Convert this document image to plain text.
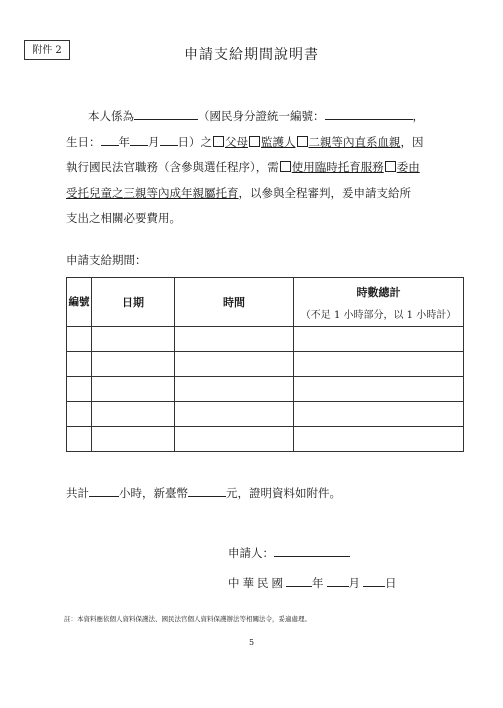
附件 2	申請支給期間說明書
本人係為	（國民身分證統一編號：	，
生日： 年 月 日）之 父母 監護人 二親等內直系血親，因
執行國民法官職務（含參與選任程序），需 使用臨時托育服務 委由
受托兒童之三親等內成年親屬托育，以參與全程審判，爰申請支給所
支出之相關必要費用。
申請支給期間：
編號	日期	時間	時數總計
（不足 1 小時部分，以 1 小時計）

共計	小時，新臺幣	元，證明資料如附件。
申請人：
中華民國 年 月 日
註：本資料應依個人資料保護法、國民法官個人資料保護辦法等相關法令，妥適處理。
5
